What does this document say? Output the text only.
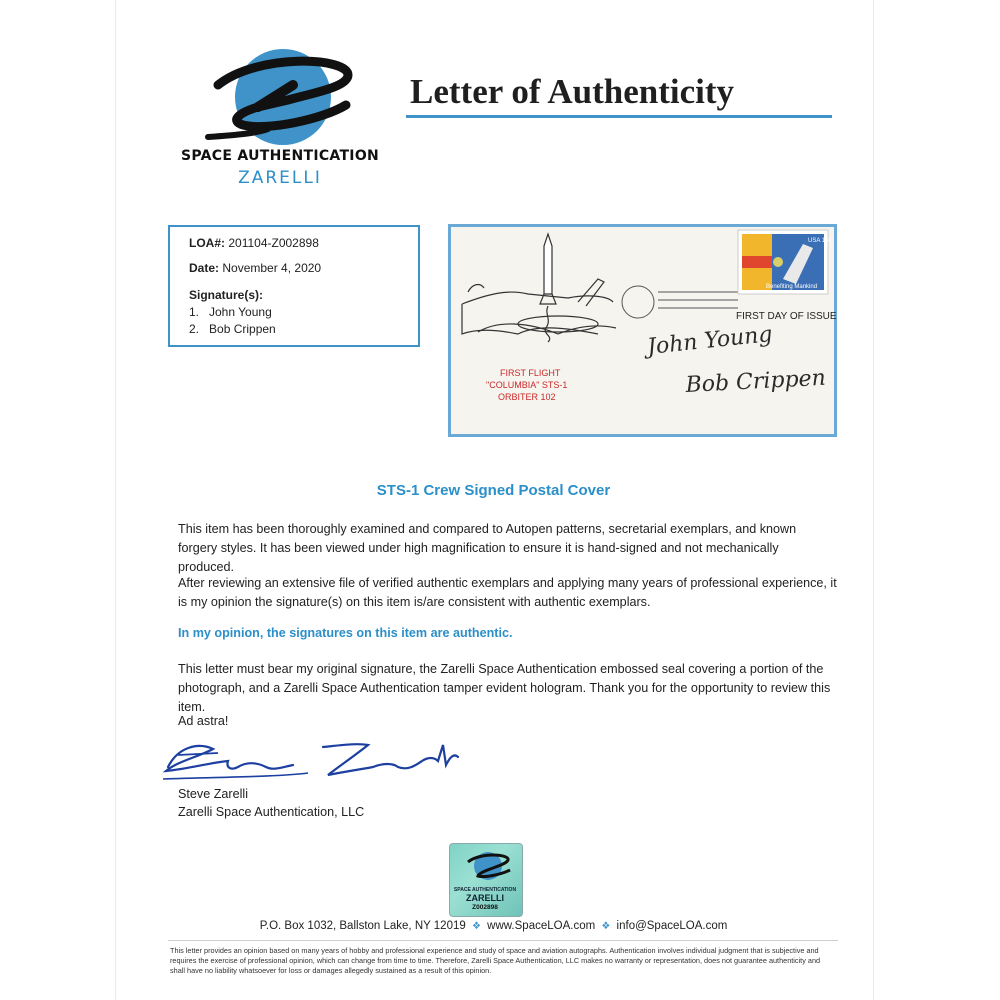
SPACE AUTHENTICATION
ZARELLI
Letter of Authenticity
LOA#: 201104-Z002898
Date: November 4, 2020
Signature(s):
1.   John Young
2.   Bob Crippen
USA 18c
Benefiting Mankind
FIRST DAY OF ISSUE
FIRST FLIGHT
"COLUMBIA" STS-1
ORBITER 102
John Young
Bob Crippen
STS-1 Crew Signed Postal Cover
This item has been thoroughly examined and compared to Autopen patterns, secretarial exemplars, and known forgery styles. It has been viewed under high magnification to ensure it is hand-signed and not mechanically produced.
After reviewing an extensive file of verified authentic exemplars and applying many years of professional experience, it is my opinion the signature(s) on this item is/are consistent with authentic exemplars.
In my opinion, the signatures on this item are authentic.
This letter must bear my original signature, the Zarelli Space Authentication embossed seal covering a portion of the photograph, and a Zarelli Space Authentication tamper evident hologram. Thank you for the opportunity to review this item.
Ad astra!
Steve Zarelli
Zarelli Space Authentication, LLC
SPACE AUTHENTICATION
ZARELLI
Z002898
P.O. Box 1032, Ballston Lake, NY 12019 ❖ www.SpaceLOA.com ❖ info@SpaceLOA.com
This letter provides an opinion based on many years of hobby and professional experience and study of space and aviation autographs. Authentication involves individual judgment that is subjective and requires the exercise of professional opinion, which can change from time to time. Therefore, Zarelli Space Authentication, LLC makes no warranty or representation, does not guarantee authenticity and shall have no liability whatsoever for loss or damages allegedly sustained as a result of this opinion.
